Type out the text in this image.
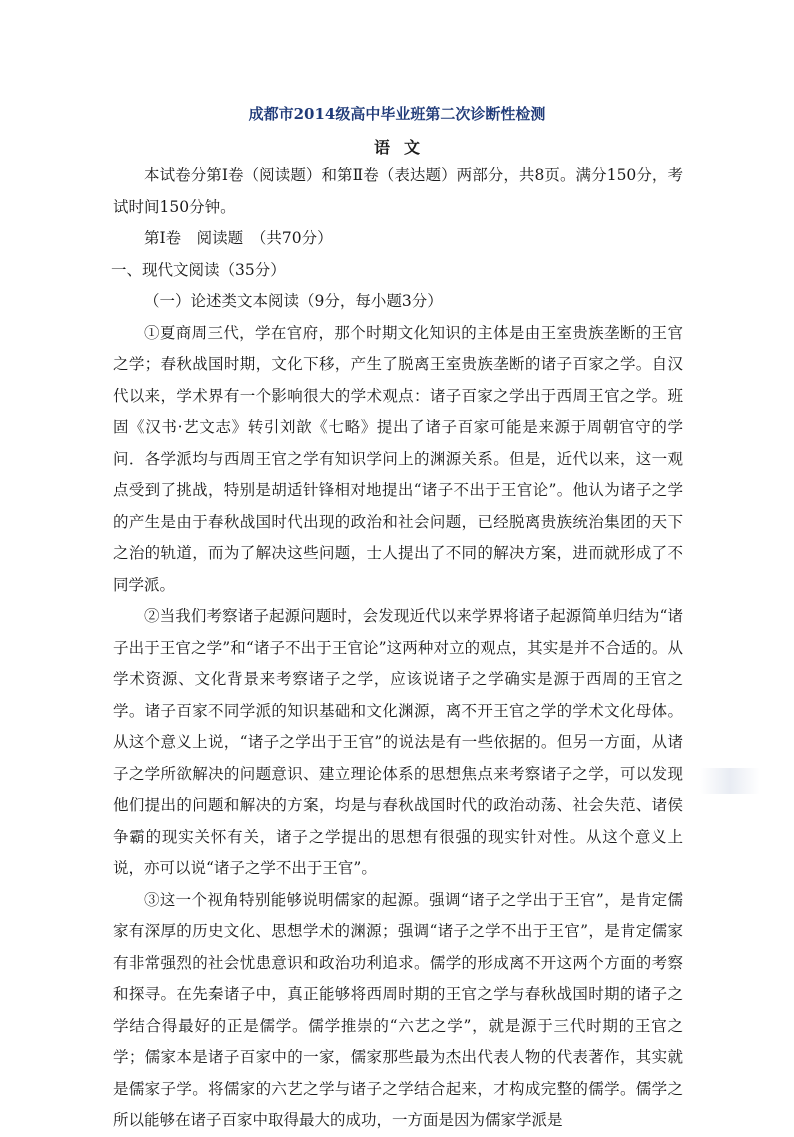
成都市2014级高中毕业班第二次诊断性检测
语文

本试卷分第Ⅰ卷（阅读题）和第Ⅱ卷（表达题）两部分，共8页。满分150分，考试时间150分钟。

第Ⅰ卷　阅读题　（共70分）

一、现代文阅读（35分）

（一）论述类文本阅读（9分，每小题3分）

①夏商周三代，学在官府，那个时期文化知识的主体是由王室贵族垄断的王官之学；春秋战国时期，文化下移，产生了脱离王室贵族垄断的诸子百家之学。自汉代以来，学术界有一个影响很大的学术观点：诸子百家之学出于西周王官之学。班固《汉书·艺文志》转引刘歆《七略》提出了诸子百家可能是来源于周朝官守的学问．各学派均与西周王官之学有知识学问上的渊源关系。但是，近代以来，这一观点受到了挑战，特别是胡适针锋相对地提出“诸子不出于王官论”。他认为诸子之学的产生是由于春秋战国时代出现的政治和社会问题，已经脱离贵族统治集团的天下之治的轨道，而为了解决这些问题，士人提出了不同的解决方案，进而就形成了不同学派。

②当我们考察诸子起源问题时，会发现近代以来学界将诸子起源简单归结为“诸子出于王官之学”和“诸子不出于王官论”这两种对立的观点，其实是并不合适的。从学术资源、文化背景来考察诸子之学，应该说诸子之学确实是源于西周的王官之学。诸子百家不同学派的知识基础和文化渊源，离不开王官之学的学术文化母体。从这个意义上说，“诸子之学出于王官”的说法是有一些依据的。但另一方面，从诸子之学所欲解决的问题意识、建立理论体系的思想焦点来考察诸子之学，可以发现他们提出的问题和解决的方案，均是与春秋战国时代的政治动荡、社会失范、诸侯争霸的现实关怀有关，诸子之学提出的思想有很强的现实针对性。从这个意义上说，亦可以说“诸子之学不出于王官”。

③这一个视角特别能够说明儒家的起源。强调“诸子之学出于王官”，是肯定儒家有深厚的历史文化、思想学术的渊源；强调“诸子之学不出于王官”，是肯定儒家有非常强烈的社会忧患意识和政治功利追求。儒学的形成离不开这两个方面的考察和探寻。在先秦诸子中，真正能够将西周时期的王官之学与春秋战国时期的诸子之学结合得最好的正是儒学。儒学推崇的“六艺之学”，就是源于三代时期的王官之学；儒家本是诸子百家中的一家，儒家那些最为杰出代表人物的代表著作，其实就是儒家子学。将儒家的六艺之学与诸子之学结合起来，才构成完整的儒学。儒学之所以能够在诸子百家中取得最大的成功，一方面是因为儒家学派是
